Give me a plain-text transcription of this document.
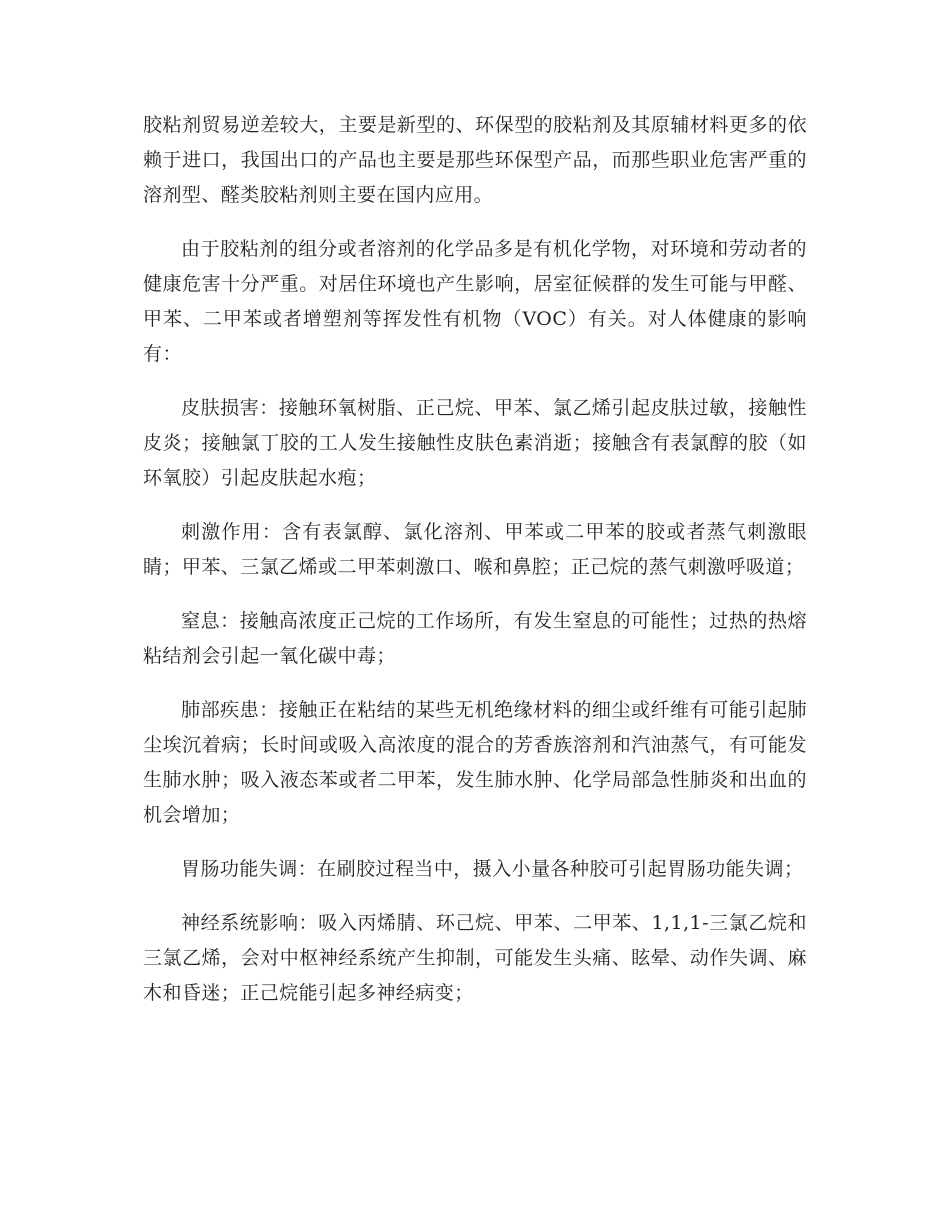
胶粘剂贸易逆差较大，主要是新型的、环保型的胶粘剂及其原辅材料更多的依赖于进口，我国出口的产品也主要是那些环保型产品，而那些职业危害严重的溶剂型、醛类胶粘剂则主要在国内应用。

由于胶粘剂的组分或者溶剂的化学品多是有机化学物，对环境和劳动者的健康危害十分严重。对居住环境也产生影响，居室征候群的发生可能与甲醛、甲苯、二甲苯或者增塑剂等挥发性有机物（VOC）有关。对人体健康的影响有：

皮肤损害：接触环氧树脂、正己烷、甲苯、氯乙烯引起皮肤过敏，接触性皮炎；接触氯丁胶的工人发生接触性皮肤色素消逝；接触含有表氯醇的胶（如环氧胶）引起皮肤起水疱；

刺激作用：含有表氯醇、氯化溶剂、甲苯或二甲苯的胶或者蒸气刺激眼睛；甲苯、三氯乙烯或二甲苯刺激口、喉和鼻腔；正己烷的蒸气刺激呼吸道；

窒息：接触高浓度正己烷的工作场所，有发生窒息的可能性；过热的热熔粘结剂会引起一氧化碳中毒；

肺部疾患：接触正在粘结的某些无机绝缘材料的细尘或纤维有可能引起肺尘埃沉着病；长时间或吸入高浓度的混合的芳香族溶剂和汽油蒸气，有可能发生肺水肿；吸入液态苯或者二甲苯，发生肺水肿、化学局部急性肺炎和出血的机会增加；

胃肠功能失调：在刷胶过程当中，摄入小量各种胶可引起胃肠功能失调；

神经系统影响：吸入丙烯腈、环己烷、甲苯、二甲苯、1,1,1-三氯乙烷和三氯乙烯，会对中枢神经系统产生抑制，可能发生头痛、眩晕、动作失调、麻木和昏迷；正己烷能引起多神经病变；
